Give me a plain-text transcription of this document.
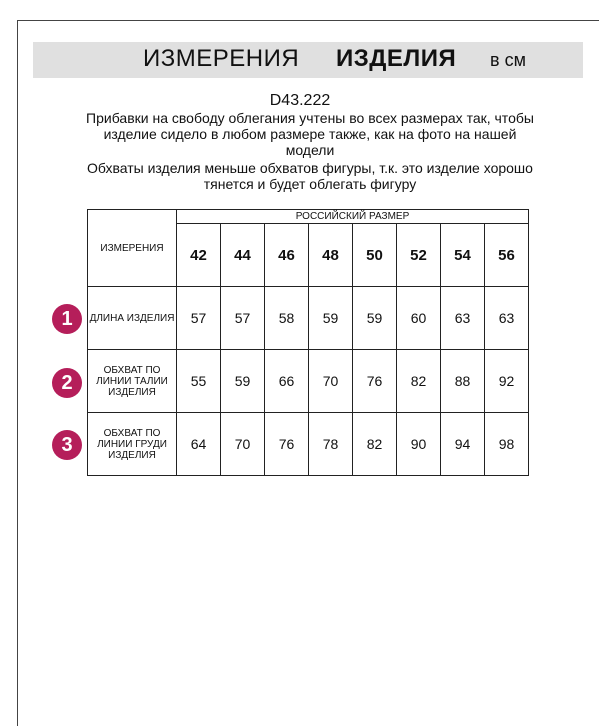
ИЗМЕРЕНИЯ ИЗДЕЛИЯ в см
D43.222
Прибавки на свободу облегания учтены во всех размерах так, чтобы изделие сидело в любом размере также, как на фото на нашей модели
Обхваты изделия меньше обхватов фигуры, т.к. это изделие хорошо тянется и будет облегать фигуру
ИЗМЕРЕНИЯ	РОССИЙСКИЙ РАЗМЕР							
	42	44	46	48	50	52	54	56
ДЛИНА ИЗДЕЛИЯ	57	57	58	59	59	60	63	63
ОБХВАТ ПО ЛИНИИ ТАЛИИ ИЗДЕЛИЯ	55	59	66	70	76	82	88	92
ОБХВАТ ПО ЛИНИИ ГРУДИ ИЗДЕЛИЯ	64	70	76	78	82	90	94	98
1
2
3
